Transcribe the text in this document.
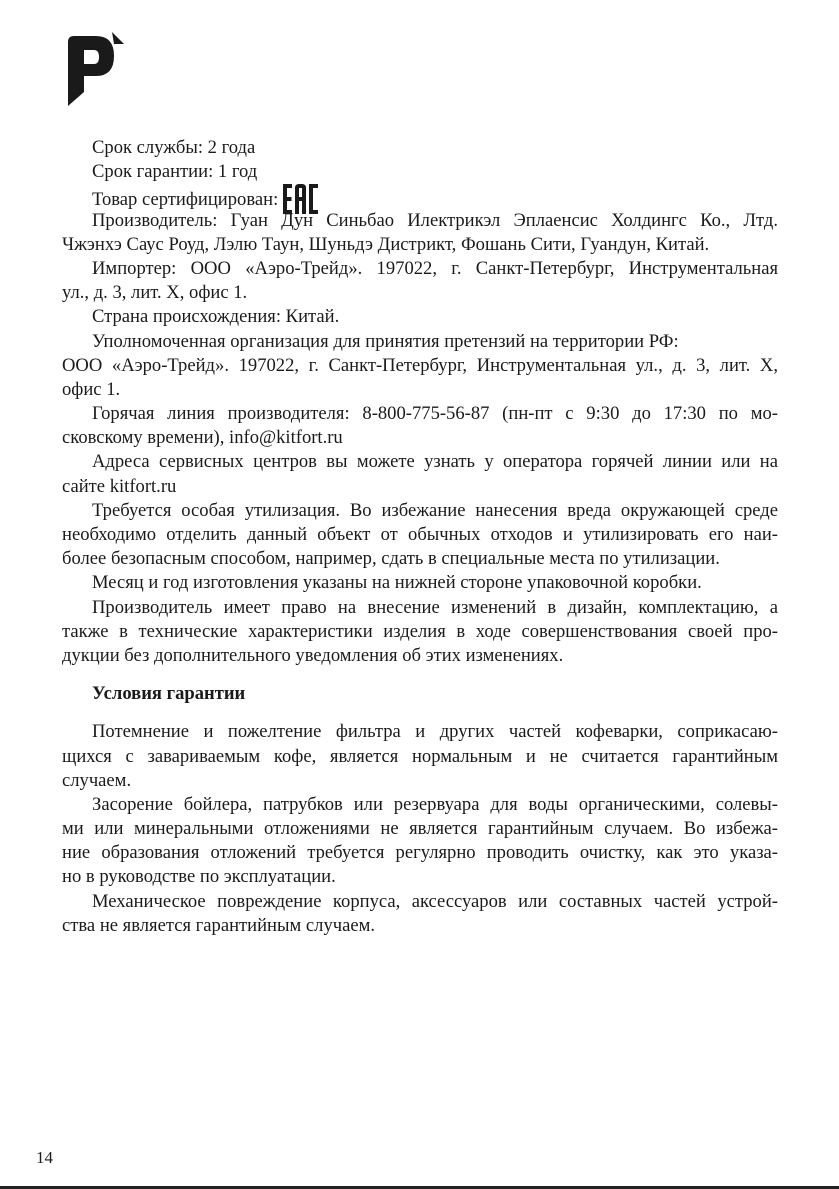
Срок службы: 2 года
Срок гарантии: 1 год
Товар сертифицирован:
Производитель: Гуан Дун Синьбао Илектрикэл Эплаенсис Холдингс Ко., Лтд.
Чжэнхэ Саус Роуд, Лэлю Таун, Шуньдэ Дистрикт, Фошань Сити, Гуандун, Китай.
Импортер: ООО «Аэро-Трейд». 197022, г. Санкт-Петербург, Инструментальная
ул., д. 3, лит. Х, офис 1.
Страна происхождения: Китай.
Уполномоченная организация для принятия претензий на территории РФ:
ООО «Аэро-Трейд». 197022, г. Санкт-Петербург, Инструментальная ул., д. 3, лит. Х,
офис 1.
Горячая линия производителя: 8-800-775-56-87 (пн-пт с 9:30 до 17:30 по мо-
сковскому времени), info@kitfort.ru
Адреса сервисных центров вы можете узнать у оператора горячей линии или на
сайте kitfort.ru
Требуется особая утилизация. Во избежание нанесения вреда окружающей среде
необходимо отделить данный объект от обычных отходов и утилизировать его наи-
более безопасным способом, например, сдать в специальные места по утилизации.
Месяц и год изготовления указаны на нижней стороне упаковочной коробки.
Производитель имеет право на внесение изменений в дизайн, комплектацию, а
также в технические характеристики изделия в ходе совершенствования своей про-
дукции без дополнительного уведомления об этих изменениях.
Условия гарантии
Потемнение и пожелтение фильтра и других частей кофеварки, соприкасаю-
щихся с завариваемым кофе, является нормальным и не считается гарантийным
случаем.
Засорение бойлера, патрубков или резервуара для воды органическими, солевы-
ми или минеральными отложениями не является гарантийным случаем. Во избежа-
ние образования отложений требуется регулярно проводить очистку, как это указа-
но в руководстве по эксплуатации.
Механическое повреждение корпуса, аксессуаров или составных частей устрой-
ства не является гарантийным случаем.
14
